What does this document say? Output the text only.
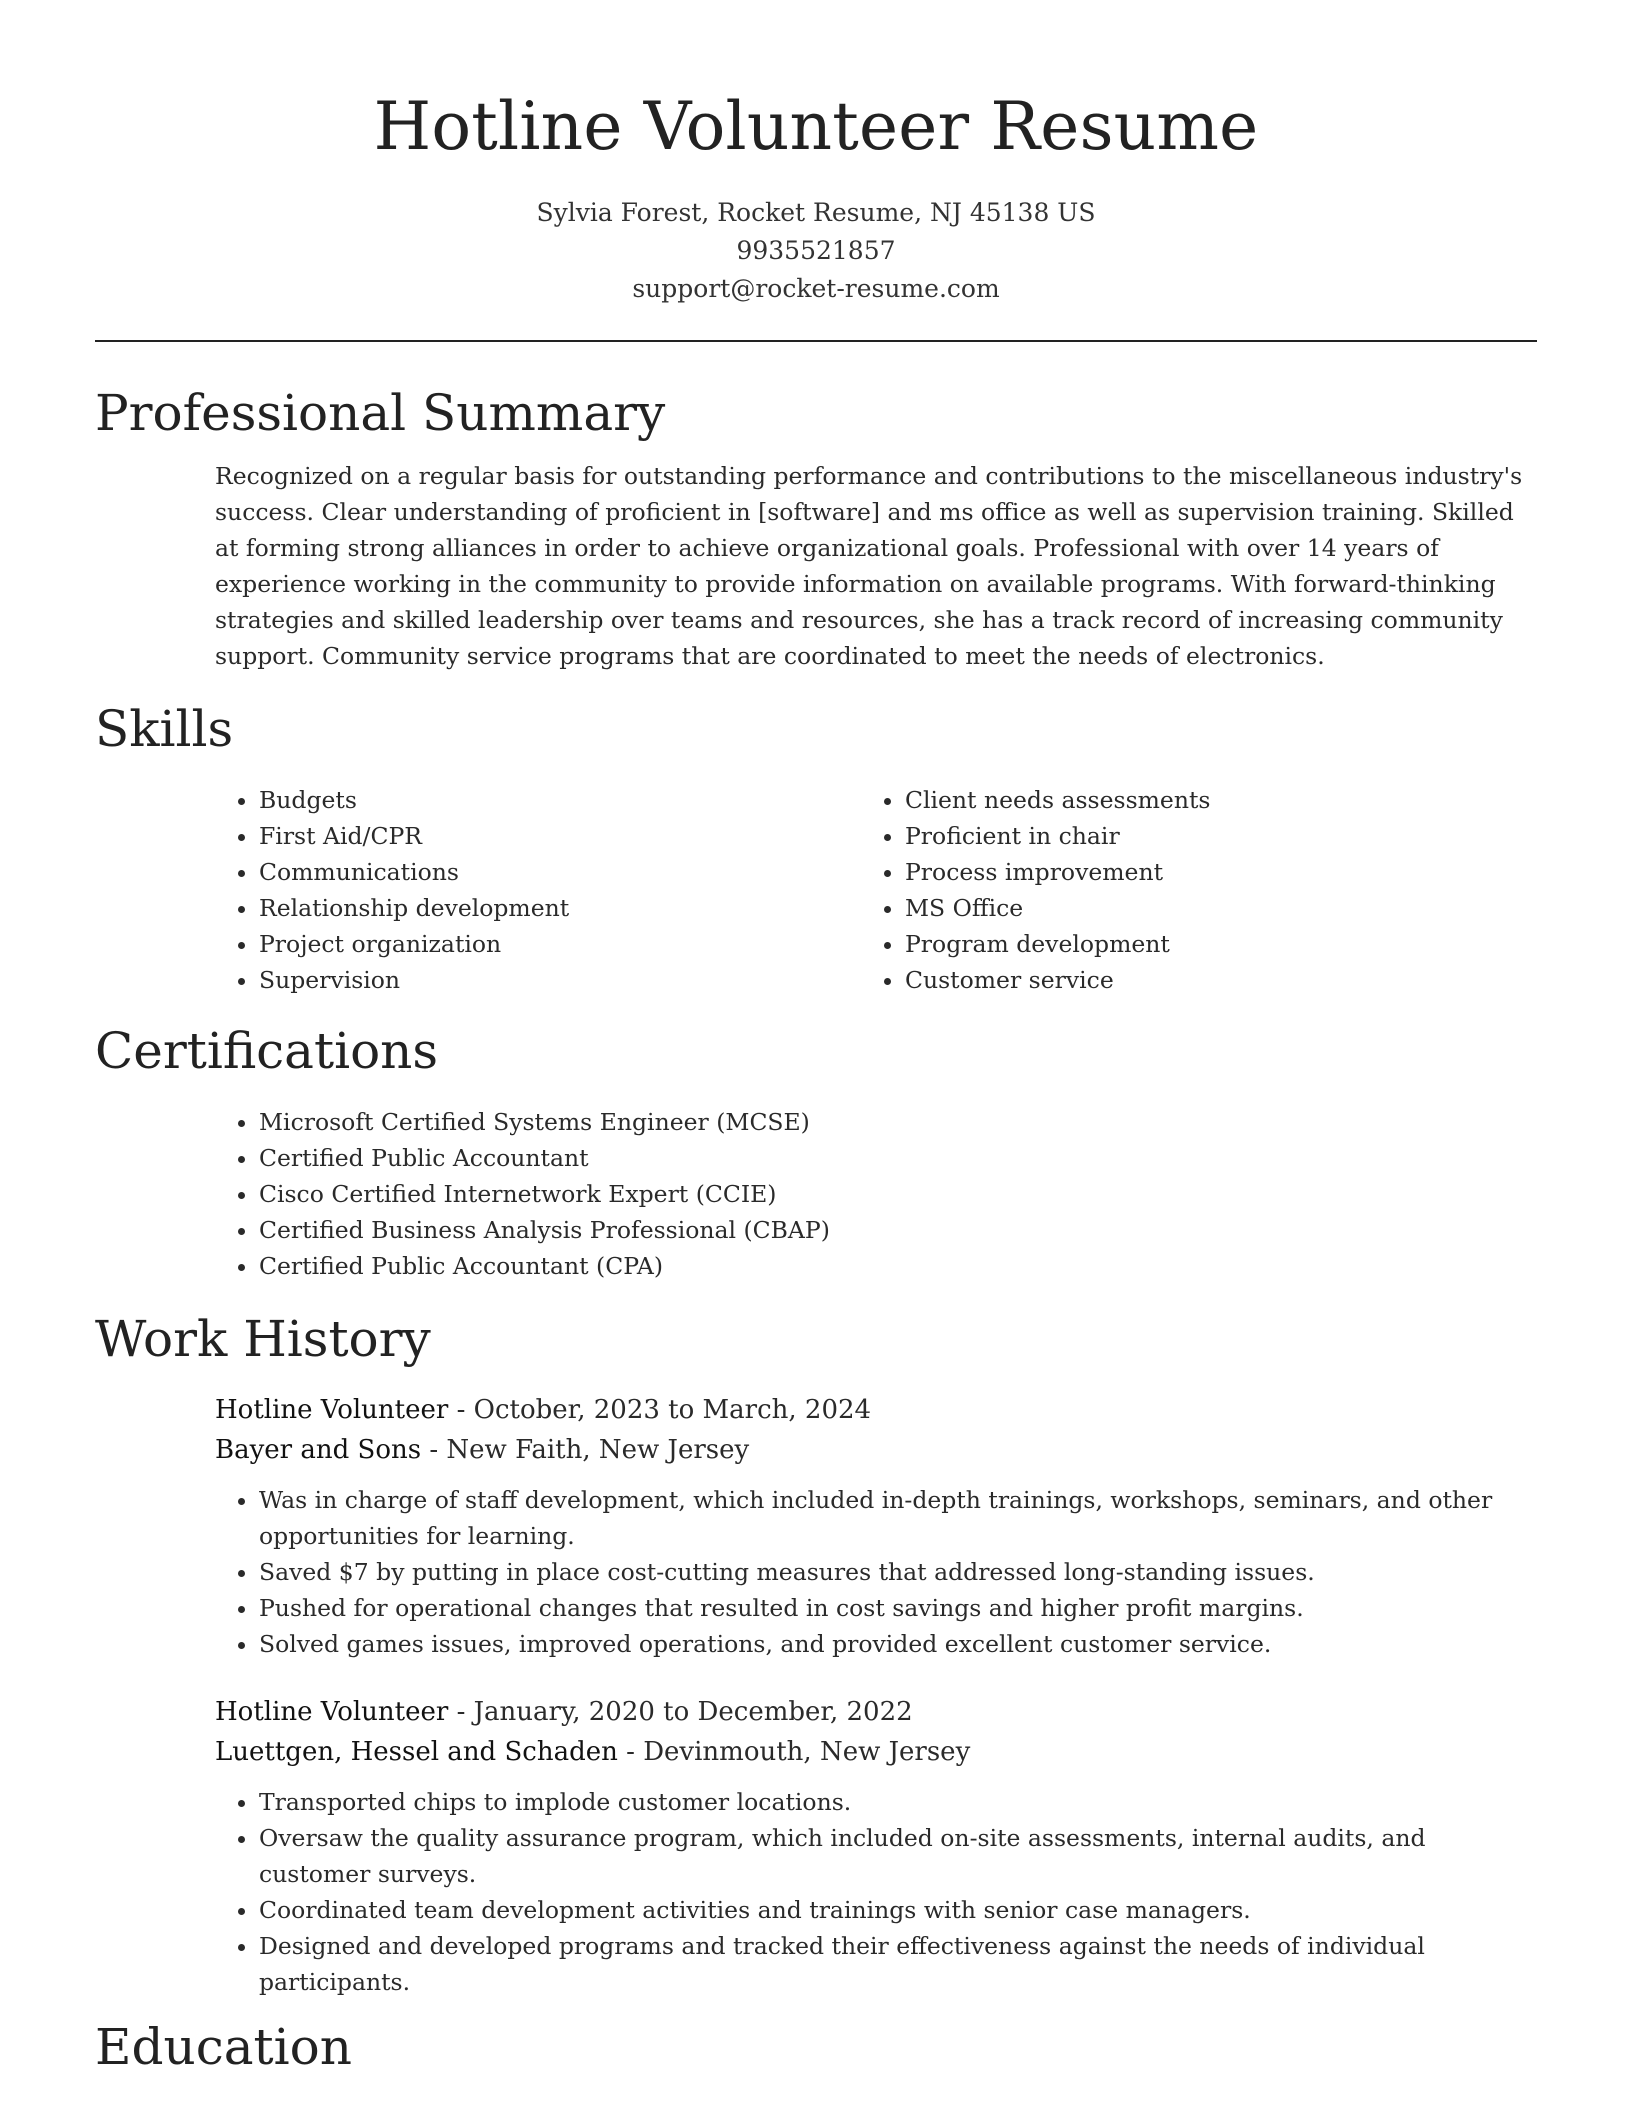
Hotline Volunteer Resume
Sylvia Forest, Rocket Resume, NJ 45138 US
9935521857
support@rocket-resume.com
Professional Summary

Recognized on a regular basis for outstanding performance and contributions to the miscellaneous industry's success. Clear understanding of proficient in [software] and ms office as well as supervision training. Skilled at forming strong alliances in order to achieve organizational goals. Professional with over 14 years of experience working in the community to provide information on available programs. With forward-thinking strategies and skilled leadership over teams and resources, she has a track record of increasing community support. Community service programs that are coordinated to meet the needs of electronics.

Skills
• Budgets
• First Aid/CPR
• Communications
• Relationship development
• Project organization
• Supervision
• Client needs assessments
• Proficient in chair
• Process improvement
• MS Office
• Program development
• Customer service
Certifications
• Microsoft Certified Systems Engineer (MCSE)
• Certified Public Accountant
• Cisco Certified Internetwork Expert (CCIE)
• Certified Business Analysis Professional (CBAP)
• Certified Public Accountant (CPA)
Work History
Hotline Volunteer - October, 2023 to March, 2024
Bayer and Sons - New Faith, New Jersey
• Was in charge of staff development, which included in-depth trainings, workshops, seminars, and other opportunities for learning.
• Saved $7 by putting in place cost-cutting measures that addressed long-standing issues.
• Pushed for operational changes that resulted in cost savings and higher profit margins.
• Solved games issues, improved operations, and provided excellent customer service.
Hotline Volunteer - January, 2020 to December, 2022
Luettgen, Hessel and Schaden - Devinmouth, New Jersey
• Transported chips to implode customer locations.
• Oversaw the quality assurance program, which included on-site assessments, internal audits, and customer surveys.
• Coordinated team development activities and trainings with senior case managers.
• Designed and developed programs and tracked their effectiveness against the needs of individual participants.
Education
